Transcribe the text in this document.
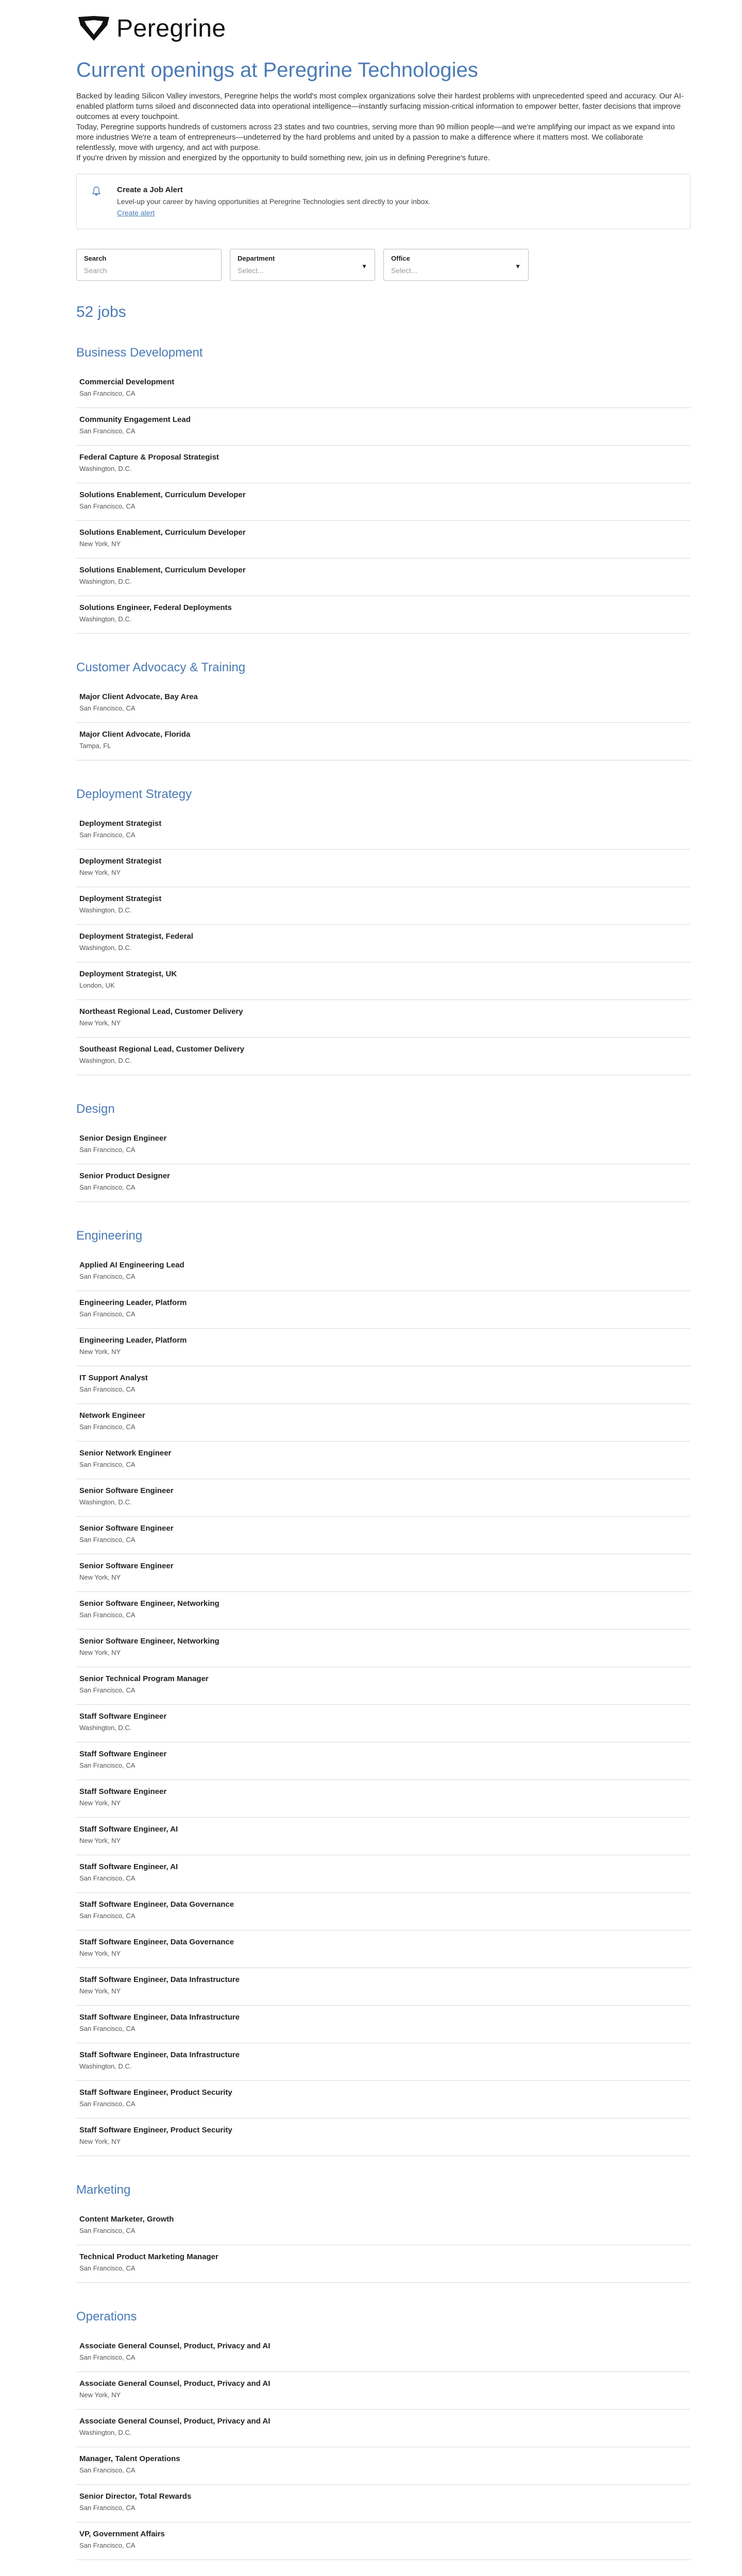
Peregrine
Current openings at Peregrine Technologies

Backed by leading Silicon Valley investors, Peregrine helps the world's most complex organizations solve their hardest problems with unprecedented speed and accuracy. Our AI-enabled platform turns siloed and disconnected data into operational intelligence—instantly surfacing mission-critical information to empower better, faster decisions that improve outcomes at every touchpoint.

Today, Peregrine supports hundreds of customers across 23 states and two countries, serving more than 90 million people—and we're amplifying our impact as we expand into more industries We're a team of entrepreneurs—undeterred by the hard problems and united by a passion to make a difference where it matters most. We collaborate relentlessly, move with urgency, and act with purpose.

If you're driven by mission and energized by the opportunity to build something new, join us in defining Peregrine's future.

Create a Job Alert
Level-up your career by having opportunities at Peregrine Technologies sent directly to your inbox.
Create alert
Search
Search
Department
Select...	▼
Office
Select...	▼
52 jobs
Business Development
Commercial Development
San Francisco, CA
Community Engagement Lead
San Francisco, CA
Federal Capture & Proposal Strategist
Washington, D.C.
Solutions Enablement, Curriculum Developer
San Francisco, CA
Solutions Enablement, Curriculum Developer
New York, NY
Solutions Enablement, Curriculum Developer
Washington, D.C.
Solutions Engineer, Federal Deployments
Washington, D.C.
Customer Advocacy & Training
Major Client Advocate, Bay Area
San Francisco, CA
Major Client Advocate, Florida
Tampa, FL
Deployment Strategy
Deployment Strategist
San Francisco, CA
Deployment Strategist
New York, NY
Deployment Strategist
Washington, D.C.
Deployment Strategist, Federal
Washington, D.C.
Deployment Strategist, UK
London, UK
Northeast Regional Lead, Customer Delivery
New York, NY
Southeast Regional Lead, Customer Delivery
Washington, D.C.
Design
Senior Design Engineer
San Francisco, CA
Senior Product Designer
San Francisco, CA
Engineering
Applied AI Engineering Lead
San Francisco, CA
Engineering Leader, Platform
San Francisco, CA
Engineering Leader, Platform
New York, NY
IT Support Analyst
San Francisco, CA
Network Engineer
San Francisco, CA
Senior Network Engineer
San Francisco, CA
Senior Software Engineer
Washington, D.C.
Senior Software Engineer
San Francisco, CA
Senior Software Engineer
New York, NY
Senior Software Engineer, Networking
San Francisco, CA
Senior Software Engineer, Networking
New York, NY
Senior Technical Program Manager
San Francisco, CA
Staff Software Engineer
Washington, D.C.
Staff Software Engineer
San Francisco, CA
Staff Software Engineer
New York, NY
Staff Software Engineer, AI
New York, NY
Staff Software Engineer, AI
San Francisco, CA
Staff Software Engineer, Data Governance
San Francisco, CA
Staff Software Engineer, Data Governance
New York, NY
Staff Software Engineer, Data Infrastructure
New York, NY
Staff Software Engineer, Data Infrastructure
San Francisco, CA
Staff Software Engineer, Data Infrastructure
Washington, D.C.
Staff Software Engineer, Product Security
San Francisco, CA
Staff Software Engineer, Product Security
New York, NY
Marketing
Content Marketer, Growth
San Francisco, CA
Technical Product Marketing Manager
San Francisco, CA
Operations
Associate General Counsel, Product, Privacy and AI
San Francisco, CA
Associate General Counsel, Product, Privacy and AI
New York, NY
Associate General Counsel, Product, Privacy and AI
Washington, D.C.
Manager, Talent Operations
San Francisco, CA
Senior Director, Total Rewards
San Francisco, CA
VP, Government Affairs
San Francisco, CA
